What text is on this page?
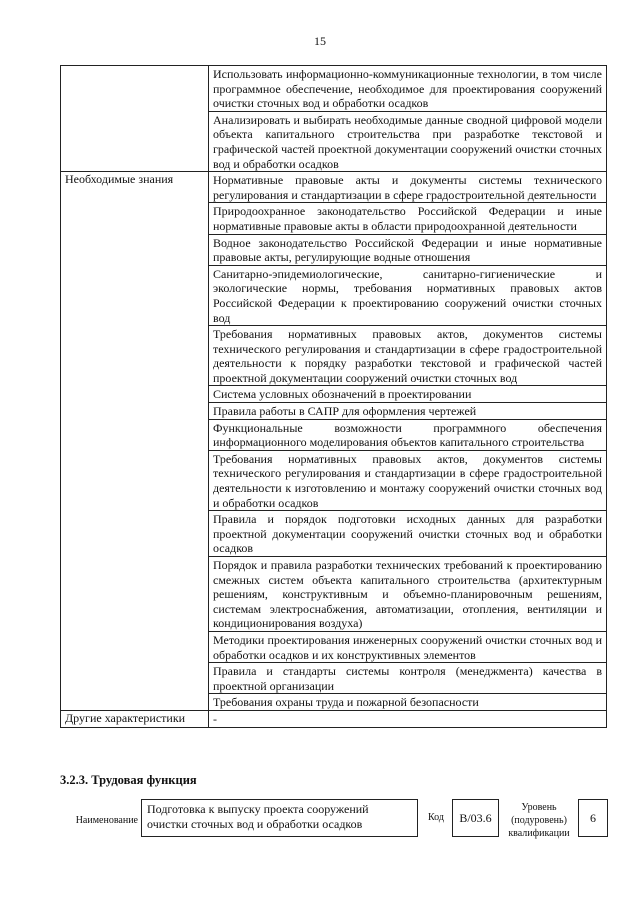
15
	Использовать информационно-коммуникационные технологии, в том числе программное обеспечение, необходимое для проектирования сооружений очистки сточных вод и обработки осадков
	Анализировать и выбирать необходимые данные сводной цифровой модели объекта капитального строительства при разработке текстовой и графической частей проектной документации сооружений очистки сточных вод и обработки осадков
Необходимые знания	Нормативные правовые акты и документы системы технического регулирования и стандартизации в сфере градостроительной деятельности
	Природоохранное законодательство Российской Федерации и иные нормативные правовые акты в области природоохранной деятельности
	Водное законодательство Российской Федерации и иные нормативные правовые акты, регулирующие водные отношения
	Санитарно-эпидемиологические, санитарно-гигиенические и экологические нормы, требования нормативных правовых актов Российской Федерации к проектированию сооружений очистки сточных вод
	Требования нормативных правовых актов, документов системы технического регулирования и стандартизации в сфере градостроительной деятельности к порядку разработки текстовой и графической частей проектной документации сооружений очистки сточных вод
	Система условных обозначений в проектировании
	Правила работы в САПР для оформления чертежей
	Функциональные возможности программного обеспечения информационного моделирования объектов капитального строительства
	Требования нормативных правовых актов, документов системы технического регулирования и стандартизации в сфере градостроительной деятельности к изготовлению и монтажу сооружений очистки сточных вод и обработки осадков
	Правила и порядок подготовки исходных данных для разработки проектной документации сооружений очистки сточных вод и обработки осадков
	Порядок и правила разработки технических требований к проектированию смежных систем объекта капитального строительства (архитектурным решениям, конструктивным и объемно-планировочным решениям, системам электроснабжения, автоматизации, отопления, вентиляции и кондиционирования воздуха)
	Методики проектирования инженерных сооружений очистки сточных вод и обработки осадков и их конструктивных элементов
	Правила и стандарты системы контроля (менеджмента) качества в проектной организации
	Требования охраны труда и пожарной безопасности
Другие характеристики	-
3.2.3. Трудовая функция
Наименование
Подготовка к выпуску проекта сооружений очистки сточных вод и обработки осадков	Код	B/03.6
Уровень (подуровень) квалификации
6
